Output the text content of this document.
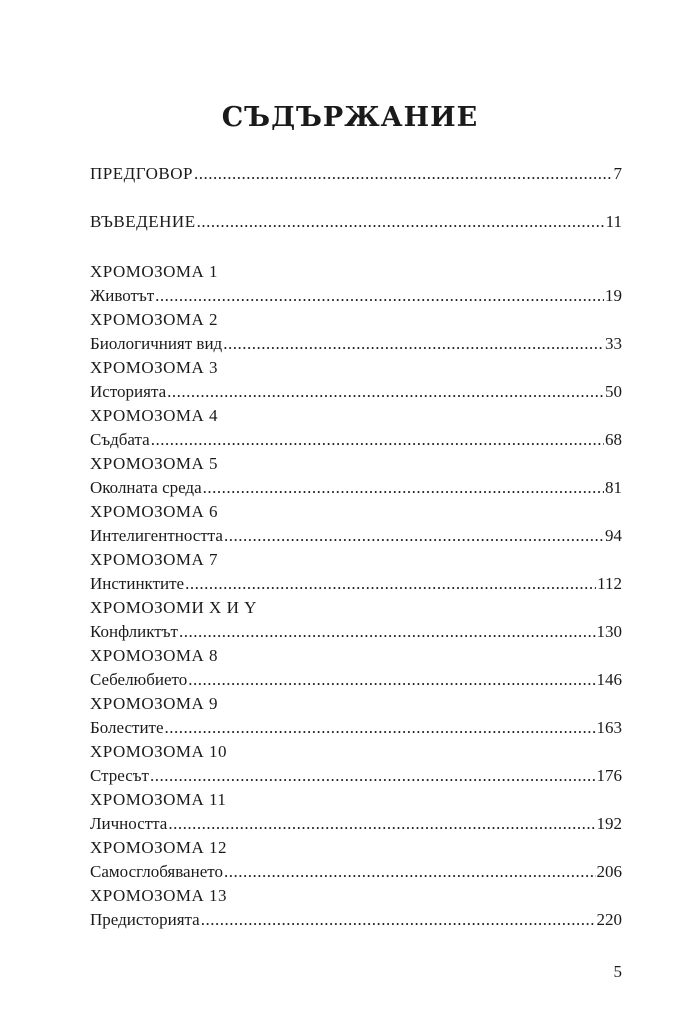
СЪДЪРЖАНИЕ
ПРЕДГОВОР .....	7
ВЪВЕДЕНИЕ .....	11
ХРОМОЗОМА 1
Животът .....	19
ХРОМОЗОМА 2
Биологичният вид .....	33
ХРОМОЗОМА 3
Историята .....	50
ХРОМОЗОМА 4
Съдбата .....	68
ХРОМОЗОМА 5
Околната среда .....	81
ХРОМОЗОМА 6
Интелигентността .....	94
ХРОМОЗОМА 7
Инстинктите .....	112
ХРОМОЗОМИ X И Y
Конфликтът .....	130
ХРОМОЗОМА 8
Себелюбието .....	146
ХРОМОЗОМА 9
Болестите .....	163
ХРОМОЗОМА 10
Стресът .....	176
ХРОМОЗОМА 11
Личността .....	192
ХРОМОЗОМА 12
Самосглобяването .....	206
ХРОМОЗОМА 13
Предисторията .....	220
5
